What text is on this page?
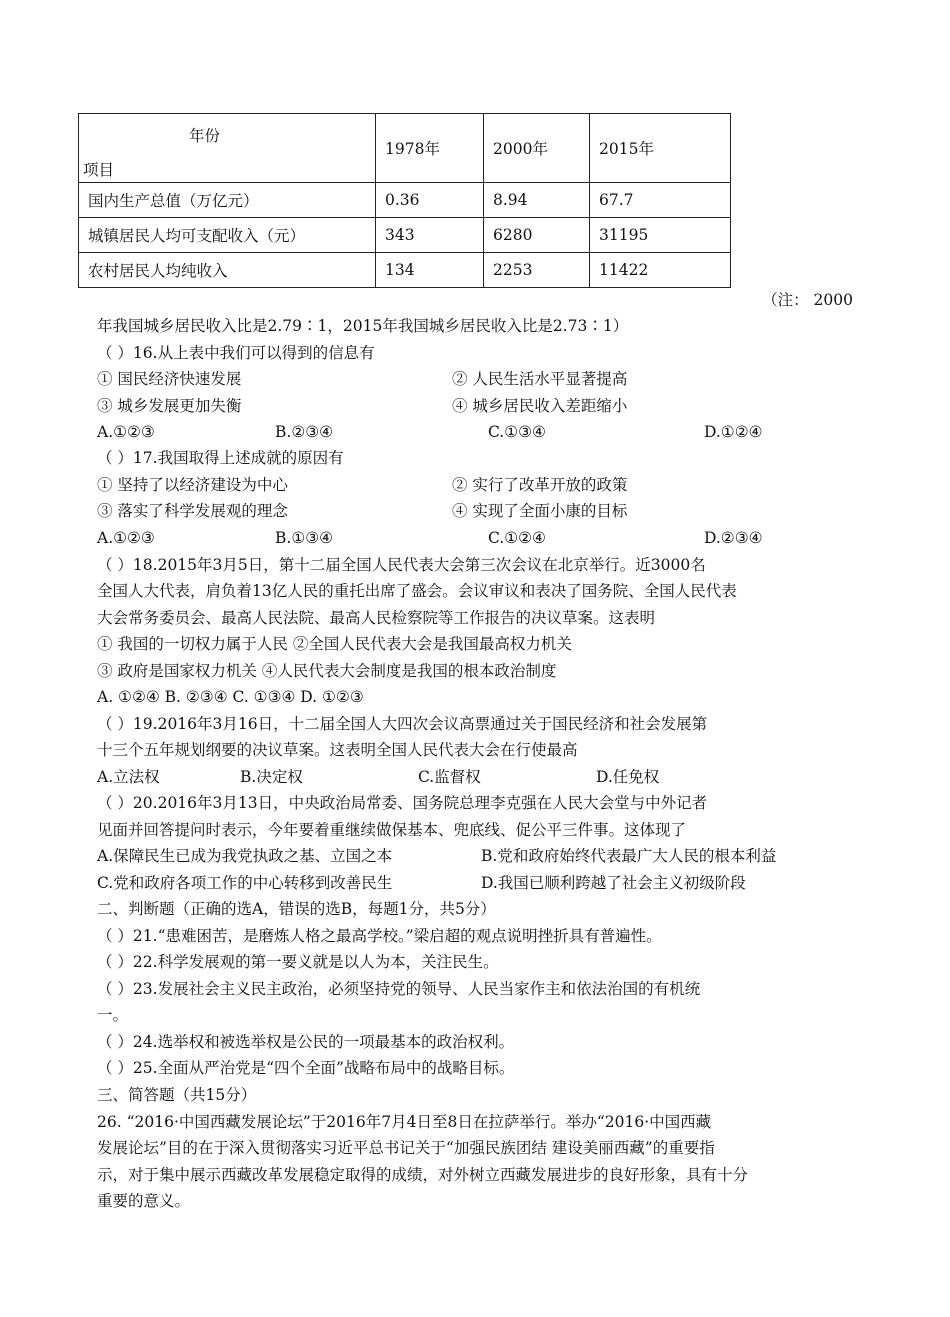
年份
项目	1978年	2000年	2015年
国内生产总值（万亿元）	0.36	8.94	67.7
城镇居民人均可支配收入（元）	343	6280	31195
农村居民人均纯收入	134	2253	11422
（注： 2000
年我国城乡居民收入比是2.79∶1，2015年我国城乡居民收入比是2.73∶1）
（ ）16.从上表中我们可以得到的信息有
① 国民经济快速发展	② 人民生活水平显著提高
③ 城乡发展更加失衡	④ 城乡居民收入差距缩小
A.①②③	B.②③④	C.①③④	D.①②④
（ ）17.我国取得上述成就的原因有
① 坚持了以经济建设为中心	② 实行了改革开放的政策
③ 落实了科学发展观的理念	④ 实现了全面小康的目标
A.①②③	B.①③④	C.①②④	D.②③④
（ ）18.2015年3月5日，第十二届全国人民代表大会第三次会议在北京举行。近3000名
全国人大代表，肩负着13亿人民的重托出席了盛会。会议审议和表决了国务院、全国人民代表
大会常务委员会、最高人民法院、最高人民检察院等工作报告的决议草案。这表明
① 我国的一切权力属于人民 ②全国人民代表大会是我国最高权力机关
③ 政府是国家权力机关 ④人民代表大会制度是我国的根本政治制度
A. ①②④ B. ②③④ C. ①③④ D. ①②③
（ ）19.2016年3月16日，十二届全国人大四次会议高票通过关于国民经济和社会发展第
十三个五年规划纲要的决议草案。这表明全国人民代表大会在行使最高
A.立法权	B.决定权	C.监督权	D.任免权
（ ）20.2016年3月13日，中央政治局常委、国务院总理李克强在人民大会堂与中外记者
见面并回答提问时表示，今年要着重继续做保基本、兜底线、促公平三件事。这体现了
A.保障民生已成为我党执政之基、立国之本	B.党和政府始终代表最广大人民的根本利益
C.党和政府各项工作的中心转移到改善民生	D.我国已顺利跨越了社会主义初级阶段
二、判断题（正确的选A，错误的选B，每题1分，共5分）
（ ）21.“患难困苦，是磨炼人格之最高学校。”梁启超的观点说明挫折具有普遍性。
（ ）22.科学发展观的第一要义就是以人为本，关注民生。
（ ）23.发展社会主义民主政治，必须坚持党的领导、人民当家作主和依法治国的有机统
一。
（ ）24.选举权和被选举权是公民的一项最基本的政治权利。
（ ）25.全面从严治党是“四个全面”战略布局中的战略目标。
三、简答题（共15分）
26. “2016·中国西藏发展论坛”于2016年7月4日至8日在拉萨举行。举办“2016·中国西藏
发展论坛”目的在于深入贯彻落实习近平总书记关于“加强民族团结 建设美丽西藏”的重要指
示，对于集中展示西藏改革发展稳定取得的成绩，对外树立西藏发展进步的良好形象，具有十分
重要的意义。
